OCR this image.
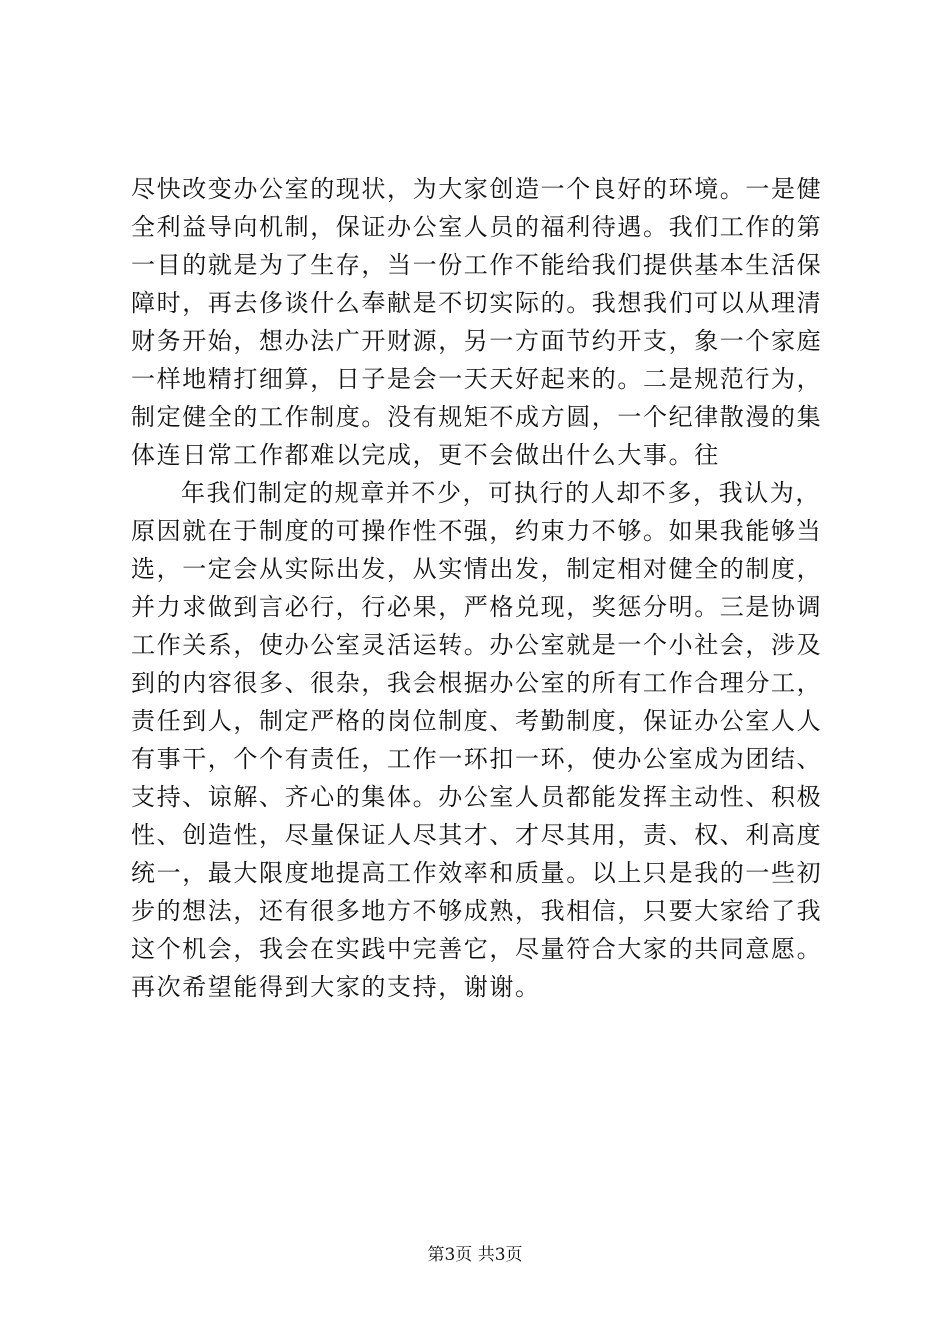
尽快改变办公室的现状，为大家创造一个良好的环境。一是健
全利益导向机制，保证办公室人员的福利待遇。我们工作的第
一目的就是为了生存，当一份工作不能给我们提供基本生活保
障时，再去侈谈什么奉献是不切实际的。我想我们可以从理清
财务开始，想办法广开财源，另一方面节约开支，象一个家庭
一样地精打细算，日子是会一天天好起来的。二是规范行为，
制定健全的工作制度。没有规矩不成方圆，一个纪律散漫的集
体连日常工作都难以完成，更不会做出什么大事。往
年我们制定的规章并不少，可执行的人却不多，我认为，
原因就在于制度的可操作性不强，约束力不够。如果我能够当
选，一定会从实际出发，从实情出发，制定相对健全的制度，
并力求做到言必行，行必果，严格兑现，奖惩分明。三是协调
工作关系，使办公室灵活运转。办公室就是一个小社会，涉及
到的内容很多、很杂，我会根据办公室的所有工作合理分工，
责任到人，制定严格的岗位制度、考勤制度，保证办公室人人
有事干，个个有责任，工作一环扣一环，使办公室成为团结、
支持、谅解、齐心的集体。办公室人员都能发挥主动性、积极
性、创造性，尽量保证人尽其才、才尽其用，责、权、利高度
统一，最大限度地提高工作效率和质量。以上只是我的一些初
步的想法，还有很多地方不够成熟，我相信，只要大家给了我
这个机会，我会在实践中完善它，尽量符合大家的共同意愿。
再次希望能得到大家的支持，谢谢。
第3页 共3页
